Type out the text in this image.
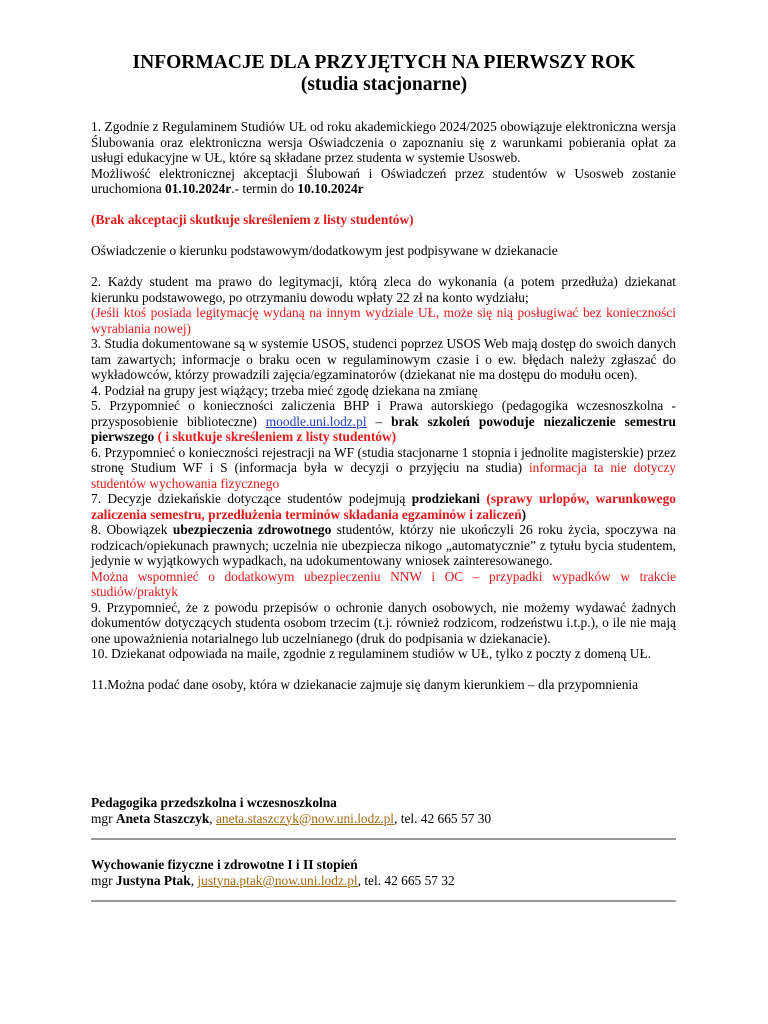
INFORMACJE DLA PRZYJĘTYCH NA PIERWSZY ROK
(studia stacjonarne)

1. Zgodnie z Regulaminem Studiów UŁ od roku akademickiego 2024/2025 obowiązuje elektroniczna wersja Ślubowania oraz elektroniczna wersja Oświadczenia o zapoznaniu się z warunkami pobierania opłat za usługi edukacyjne w UŁ, które są składane przez studenta w systemie Usosweb.
Możliwość elektronicznej akceptacji Ślubowań i Oświadczeń przez studentów w Usosweb zostanie uruchomiona 01.10.2024r.- termin do 10.10.2024r

(Brak akceptacji skutkuje skreśleniem z listy studentów)

Oświadczenie o kierunku podstawowym/dodatkowym jest podpisywane w dziekanacie

2. Każdy student ma prawo do legitymacji, którą zleca do wykonania (a potem przedłuża) dziekanat kierunku podstawowego, po otrzymaniu dowodu wpłaty 22 zł na konto wydziału;
(Jeśli ktoś posiada legitymację wydaną na innym wydziale UŁ, może się nią posługiwać bez konieczności wyrabiania nowej)

3. Studia dokumentowane są w systemie USOS, studenci poprzez USOS Web mają dostęp do swoich danych tam zawartych; informacje o braku ocen w regulaminowym czasie i o ew. błędach należy zgłaszać do wykładowców, którzy prowadzili zajęcia/egzaminatorów (dziekanat nie ma dostępu do modułu ocen).

4. Podział na grupy jest wiążący; trzeba mieć zgodę dziekana na zmianę

5. Przypomnieć o konieczności zaliczenia BHP i Prawa autorskiego (pedagogika wczesnoszkolna - przysposobienie biblioteczne) moodle.uni.lodz.pl – brak szkoleń powoduje niezaliczenie semestru pierwszego ( i skutkuje skreśleniem z listy studentów)

6. Przypomnieć o konieczności rejestracji na WF (studia stacjonarne 1 stopnia i jednolite magisterskie) przez stronę Studium WF i S (informacja była w decyzji o przyjęciu na studia) informacja ta nie dotyczy studentów wychowania fizycznego

7. Decyzje dziekańskie dotyczące studentów podejmują prodziekani (sprawy urlopów, warunkowego zaliczenia semestru, przedłużenia terminów składania egzaminów i zaliczeń)

8. Obowiązek ubezpieczenia zdrowotnego studentów, którzy nie ukończyli 26 roku życia, spoczywa na rodzicach/opiekunach prawnych; uczelnia nie ubezpiecza nikogo „automatycznie” z tytułu bycia studentem, jedynie w wyjątkowych wypadkach, na udokumentowany wniosek zainteresowanego.
Można wspomnieć o dodatkowym ubezpieczeniu NNW i OC – przypadki wypadków w trakcie studiów/praktyk

9. Przypomnieć, że z powodu przepisów o ochronie danych osobowych, nie możemy wydawać żadnych dokumentów dotyczących studenta osobom trzecim (t.j. również rodzicom, rodzeństwu i.t.p.), o ile nie mają one upoważnienia notarialnego lub uczelnianego (druk do podpisania w dziekanacie).

10. Dziekanat odpowiada na maile, zgodnie z regulaminem studiów w UŁ, tylko z poczty z domeną UŁ.

11.Można podać dane osoby, która w dziekanacie zajmuje się danym kierunkiem – dla przypomnienia

Pedagogika przedszkolna i wczesnoszkolna
mgr Aneta Staszczyk, aneta.staszczyk@now.uni.lodz.pl, tel. 42 665 57 30
Wychowanie fizyczne i zdrowotne I i II stopień
mgr Justyna Ptak, justyna.ptak@now.uni.lodz.pl, tel. 42 665 57 32
